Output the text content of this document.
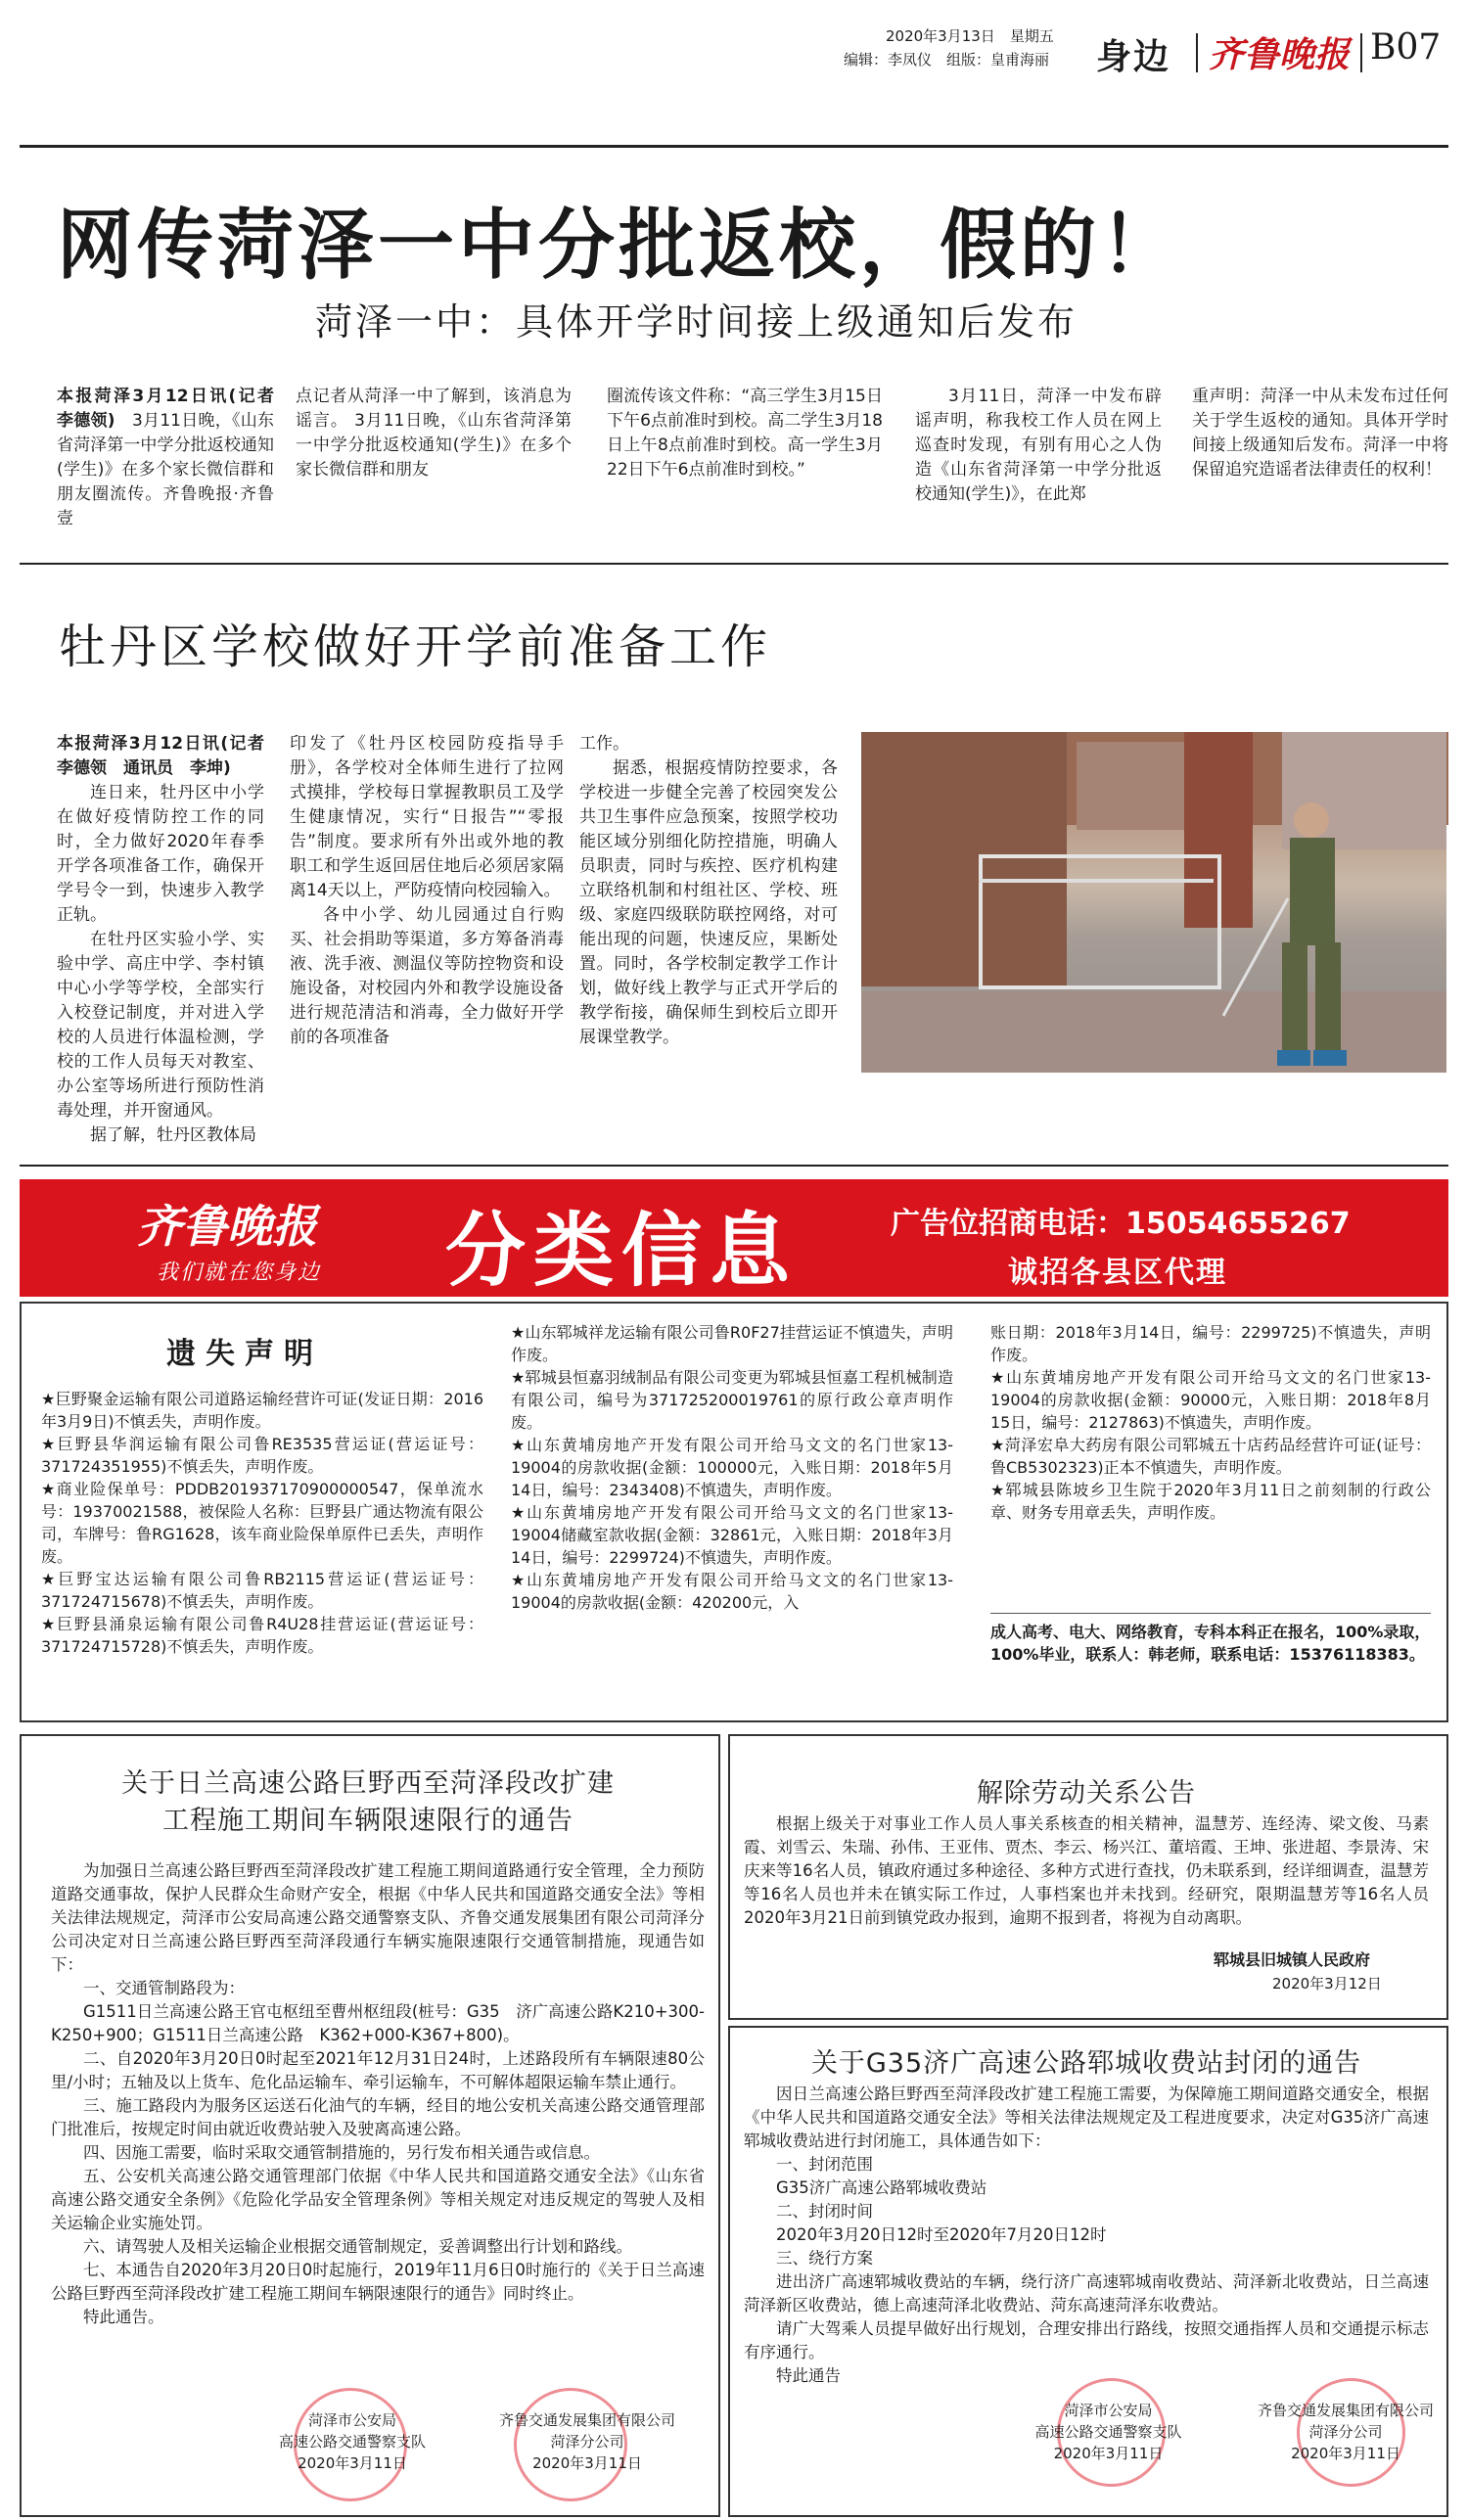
2020年3月13日　 星期五
编辑：李凤仪　 组版：皇甫海丽 身边 齐鲁晚报 B07
网传菏泽一中分批返校，假的！
菏泽一中：具体开学时间接上级通知后发布

本报菏泽3月12日讯(记者　李德领)　 3月11日晚，《山东省菏泽第一中学分批返校通知(学生)》在多个家长微信群和朋友圈流传。齐鲁晚报·齐鲁壹

点记者从菏泽一中了解到，该消息为谣言。 3月11日晚，《山东省菏泽第一中学分批返校通知(学生)》在多个家长微信群和朋友

圈流传该文件称：“高三学生3月15日下午6点前准时到校。高二学生3月18日上午8点前准时到校。高一学生3月22日下午6点前准时到校。”

3月11日，菏泽一中发布辟谣声明，称我校工作人员在网上巡查时发现，有别有用心之人伪造《山东省菏泽第一中学分批返校通知(学生)》，在此郑

重声明：菏泽一中从未发布过任何关于学生返校的通知。具体开学时间接上级通知后发布。菏泽一中将保留追究造谣者法律责任的权利！

牡丹区学校做好开学前准备工作

本报菏泽3月12日讯(记者　李德领　通讯员　李坤)

连日来，牡丹区中小学在做好疫情防控工作的同时，全力做好2020年春季开学各项准备工作，确保开学号令一到，快速步入教学正轨。

在牡丹区实验小学、实验中学、高庄中学、李村镇中心小学等学校，全部实行入校登记制度，并对进入学校的人员进行体温检测，学校的工作人员每天对教室、办公室等场所进行预防性消毒处理，并开窗通风。

据了解，牡丹区教体局

印发了《牡丹区校园防疫指导手册》，各学校对全体师生进行了拉网式摸排，学校每日掌握教职员工及学生健康情况，实行“日报告”“零报告”制度。要求所有外出或外地的教职工和学生返回居住地后必须居家隔离14天以上，严防疫情向校园输入。

各中小学、幼儿园通过自行购买、社会捐助等渠道，多方筹备消毒液、洗手液、测温仪等防控物资和设施设备，对校园内外和教学设施设备进行规范清洁和消毒，全力做好开学前的各项准备

工作。

据悉，根据疫情防控要求，各学校进一步健全完善了校园突发公共卫生事件应急预案，按照学校功能区域分别细化防控措施，明确人员职责，同时与疾控、医疗机构建立联络机制和村组社区、学校、班级、家庭四级联防联控网络，对可能出现的问题，快速反应，果断处置。同时，各学校制定教学工作计划，做好线上教学与正式开学后的教学衔接，确保师生到校后立即开展课堂教学。

齐鲁晚报
我们就在您身边 分类信息	广告位招商电话：15054655267
诚招各县区代理
遗失声明

★巨野聚金运输有限公司道路运输经营许可证(发证日期：2016年3月9日)不慎丢失，声明作废。

★巨野县华润运输有限公司鲁RE3535营运证(营运证号：371724351955)不慎丢失，声明作废。

★商业险保单号：PDDB201937170900000547，保单流水号：19370021588，被保险人名称：巨野县广通达物流有限公司，车牌号：鲁RG1628，该车商业险保单原件已丢失，声明作废。

★巨野宝达运输有限公司鲁RB2115营运证(营运证号：371724715678)不慎丢失，声明作废。

★巨野县涌泉运输有限公司鲁R4U28挂营运证(营运证号：371724715728)不慎丢失，声明作废。

★山东郓城祥龙运输有限公司鲁R0F27挂营运证不慎遗失，声明作废。

★郓城县恒嘉羽绒制品有限公司变更为郓城县恒嘉工程机械制造有限公司，编号为371725200019761的原行政公章声明作废。

★山东黄埔房地产开发有限公司开给马文文的名门世家13-19004的房款收据(金额：100000元，入账日期：2018年5月14日，编号：2343408)不慎遗失，声明作废。

★山东黄埔房地产开发有限公司开给马文文的名门世家13-19004储藏室款收据(金额：32861元，入账日期：2018年3月14日，编号：2299724)不慎遗失，声明作废。

★山东黄埔房地产开发有限公司开给马文文的名门世家13-19004的房款收据(金额：420200元，入

账日期：2018年3月14日，编号：2299725)不慎遗失，声明作废。

★山东黄埔房地产开发有限公司开给马文文的名门世家13-19004的房款收据(金额：90000元，入账日期：2018年8月15日，编号：2127863)不慎遗失，声明作废。

★菏泽宏阜大药房有限公司郓城五十店药品经营许可证(证号：鲁CB5302323)正本不慎遗失，声明作废。

★郓城县陈坡乡卫生院于2020年3月11日之前刻制的行政公章、财务专用章丢失，声明作废。

成人高考、电大、网络教育，专科本科正在报名，100%录取，100%毕业，联系人：韩老师，联系电话：15376118383。
关于日兰高速公路巨野西至菏泽段改扩建
工程施工期间车辆限速限行的通告

为加强日兰高速公路巨野西至菏泽段改扩建工程施工期间道路通行安全管理，全力预防道路交通事故，保护人民群众生命财产安全，根据《中华人民共和国道路交通安全法》等相关法律法规规定，菏泽市公安局高速公路交通警察支队、齐鲁交通发展集团有限公司菏泽分公司决定对日兰高速公路巨野西至菏泽段通行车辆实施限速限行交通管制措施，现通告如下：

一、交通管制路段为：

G1511日兰高速公路王官屯枢纽至曹州枢纽段(桩号：G35　济广高速公路K210+300-K250+900；G1511日兰高速公路　K362+000-K367+800)。

二、自2020年3月20日0时起至2021年12月31日24时，上述路段所有车辆限速80公里/小时；五轴及以上货车、危化品运输车、牵引运输车，不可解体超限运输车禁止通行。

三、施工路段内为服务区运送石化油气的车辆，经目的地公安机关高速公路交通管理部门批准后，按规定时间由就近收费站驶入及驶离高速公路。

四、因施工需要，临时采取交通管制措施的，另行发布相关通告或信息。

五、公安机关高速公路交通管理部门依据《中华人民共和国道路交通安全法》《山东省高速公路交通安全条例》《危险化学品安全管理条例》等相关规定对违反规定的驾驶人及相关运输企业实施处罚。

六、请驾驶人及相关运输企业根据交通管制规定，妥善调整出行计划和路线。

七、本通告自2020年3月20日0时起施行，2019年11月6日0时施行的《关于日兰高速公路巨野西至菏泽段改扩建工程施工期间车辆限速限行的通告》同时终止。

特此通告。

菏泽市公安局
高速公路交通警察支队
2020年3月11日
齐鲁交通发展集团有限公司
菏泽分公司
2020年3月11日
解除劳动关系公告

根据上级关于对事业工作人员人事关系核查的相关精神，温慧芳、连经涛、梁文俊、马素霞、刘雪云、朱瑞、孙伟、王亚伟、贾杰、李云、杨兴江、董培霞、王坤、张进超、李景涛、宋庆来等16名人员，镇政府通过多种途径、多种方式进行查找，仍未联系到，经详细调查，温慧芳等16名人员也并未在镇实际工作过，人事档案也并未找到。经研究，限期温慧芳等16名人员2020年3月21日前到镇党政办报到，逾期不报到者，将视为自动离职。

郓城县旧城镇人民政府
2020年3月12日
关于G35济广高速公路郓城收费站封闭的通告

因日兰高速公路巨野西至菏泽段改扩建工程施工需要，为保障施工期间道路交通安全，根据《中华人民共和国道路交通安全法》等相关法律法规规定及工程进度要求，决定对G35济广高速郓城收费站进行封闭施工，具体通告如下：

一、封闭范围

G35济广高速公路郓城收费站

二、封闭时间

2020年3月20日12时至2020年7月20日12时

三、绕行方案

进出济广高速郓城收费站的车辆，绕行济广高速郓城南收费站、菏泽新北收费站，日兰高速菏泽新区收费站，德上高速菏泽北收费站、菏东高速菏泽东收费站。

请广大驾乘人员提早做好出行规划，合理安排出行路线，按照交通指挥人员和交通提示标志有序通行。

特此通告

菏泽市公安局
高速公路交通警察支队
2020年3月11日
齐鲁交通发展集团有限公司
菏泽分公司
2020年3月11日
